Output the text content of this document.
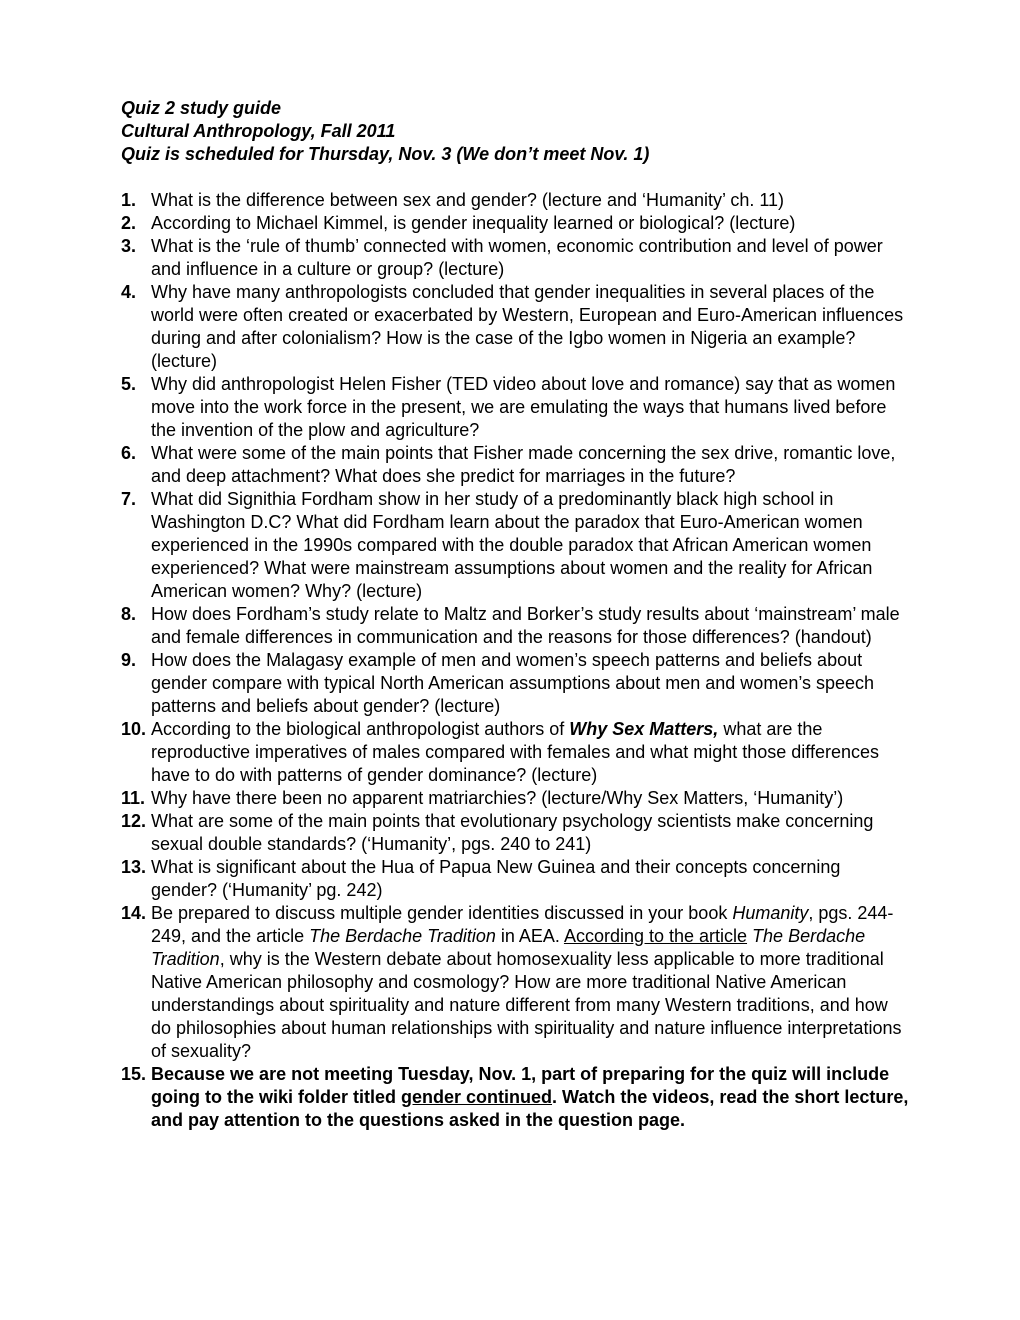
Quiz 2 study guide

Cultural Anthropology, Fall 2011

Quiz is scheduled for Thursday, Nov. 3 (We don’t meet Nov. 1)

1. What is the difference between sex and gender? (lecture and ‘Humanity’ ch. 11)
2. According to Michael Kimmel, is gender inequality learned or biological? (lecture)
3. What is the ‘rule of thumb’ connected with women, economic contribution and level of power and influence in a culture or group? (lecture)
4. Why have many anthropologists concluded that gender inequalities in several places of the world were often created or exacerbated by Western, European and Euro-American influences during and after colonialism? How is the case of the Igbo women in Nigeria an example? (lecture)
5. Why did anthropologist Helen Fisher (TED video about love and romance) say that as women move into the work force in the present, we are emulating the ways that humans lived before the invention of the plow and agriculture?
6. What were some of the main points that Fisher made concerning the sex drive, romantic love, and deep attachment? What does she predict for marriages in the future?
7. What did Signithia Fordham show in her study of a predominantly black high school in Washington D.C? What did Fordham learn about the paradox that Euro-American women experienced in the 1990s compared with the double paradox that African American women experienced? What were mainstream assumptions about women and the reality for African American women? Why? (lecture)
8. How does Fordham’s study relate to Maltz and Borker’s study results about ‘mainstream’ male and female differences in communication and the reasons for those differences? (handout)
9. How does the Malagasy example of men and women’s speech patterns and beliefs about gender compare with typical North American assumptions about men and women’s speech patterns and beliefs about gender? (lecture)
10. According to the biological anthropologist authors of Why Sex Matters, what are the reproductive imperatives of males compared with females and what might those differences have to do with patterns of gender dominance? (lecture)
11. Why have there been no apparent matriarchies? (lecture/Why Sex Matters, ‘Humanity’)
12. What are some of the main points that evolutionary psychology scientists make concerning sexual double standards? (‘Humanity’, pgs. 240 to 241)
13. What is significant about the Hua of Papua New Guinea and their concepts concerning gender? (‘Humanity’ pg. 242)
14. Be prepared to discuss multiple gender identities discussed in your book Humanity, pgs. 244-249, and the article The Berdache Tradition in AEA. According to the article The Berdache Tradition, why is the Western debate about homosexuality less applicable to more traditional Native American philosophy and cosmology? How are more traditional Native American understandings about spirituality and nature different from many Western traditions, and how do philosophies about human relationships with spirituality and nature influence interpretations of sexuality?
15. Because we are not meeting Tuesday, Nov. 1, part of preparing for the quiz will include going to the wiki folder titled gender continued. Watch the videos, read the short lecture, and pay attention to the questions asked in the question page.
